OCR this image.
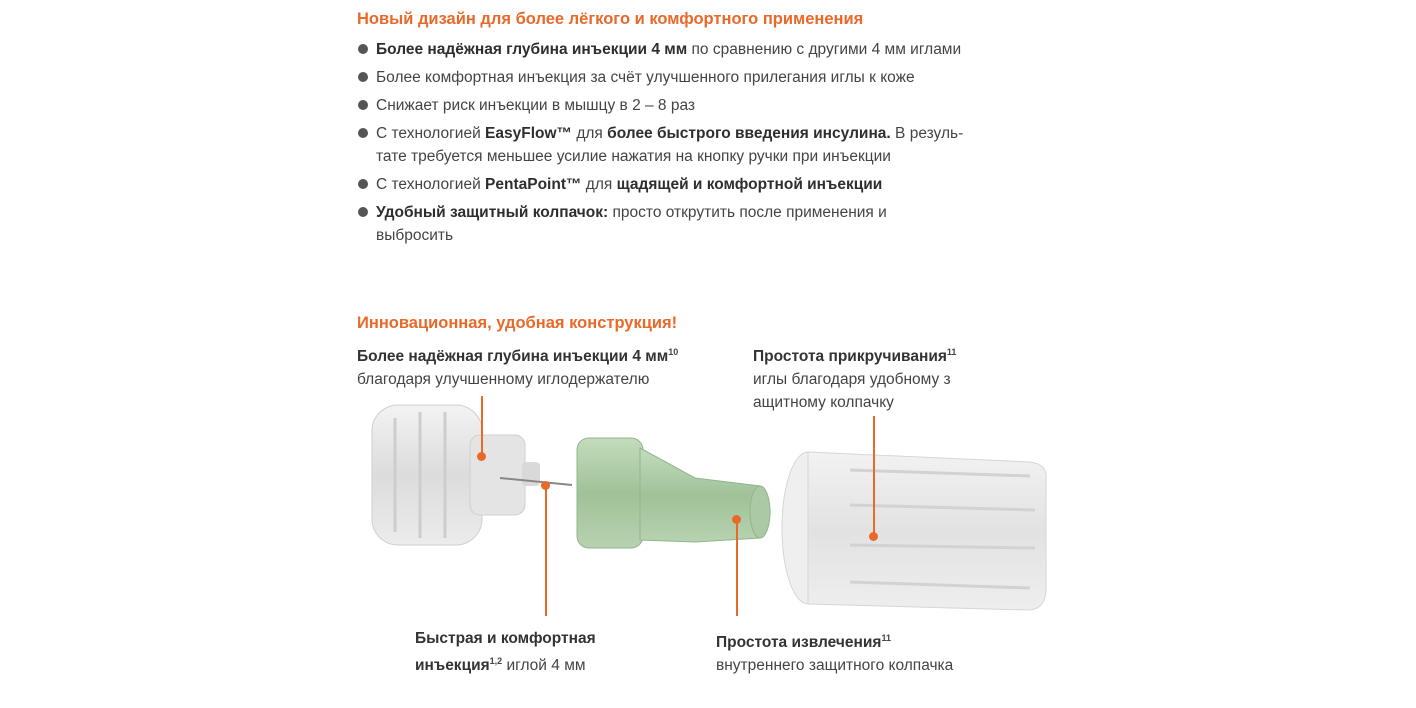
Новый дизайн для более лёгкого и комфортного применения
Более надёжная глубина инъекции 4 мм по сравнению с другими 4 мм иглами
Более комфортная инъекция за счёт улучшенного прилегания иглы к коже
Снижает риск инъекции в мышцу в 2 – 8 раз
С технологией EasyFlow™ для более быстрого введения инсулина. В резуль-
тате требуется меньшее усилие нажатия на кнопку ручки при инъекции
С технологией PentaPoint™ для щадящей и комфортной инъекции
Удобный защитный колпачок: просто открутить после применения и
выбросить
Инновационная, удобная конструкция!
Более надёжная глубина инъекции 4 $мм^{10}$
благодаря улучшенному иглодержателю
Простота прикручивания$^{11}$
иглы благодаря удобному з
ащитному колпачку
Быстрая и комфортная
инъекция$^{1,2}$ иглой 4 мм
Простота извлечения$^{11}$
внутреннего защитного колпачка
